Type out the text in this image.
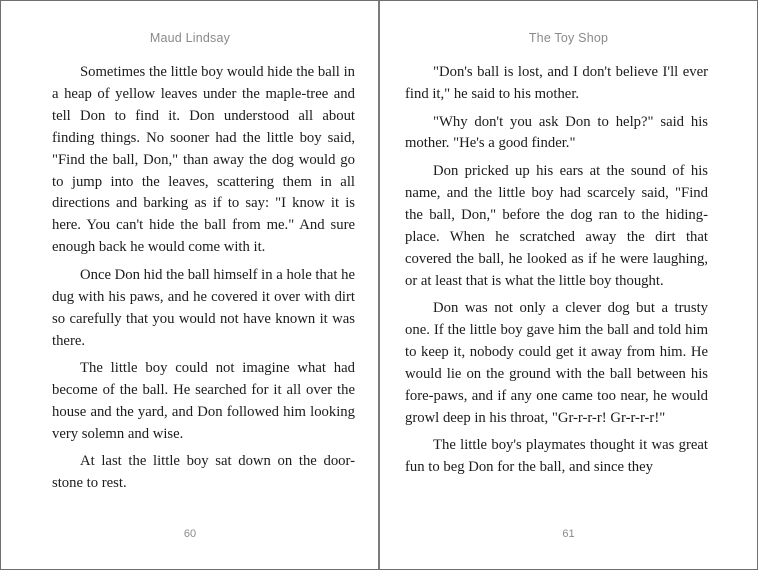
Maud Lindsay

Sometimes the little boy would hide the ball in a heap of yellow leaves under the maple-tree and tell Don to find it. Don understood all about finding things. No sooner had the little boy said, "Find the ball, Don," than away the dog would go to jump into the leaves, scattering them in all directions and barking as if to say: "I know it is here. You can't hide the ball from me." And sure enough back he would come with it.

Once Don hid the ball himself in a hole that he dug with his paws, and he covered it over with dirt so carefully that you would not have known it was there.

The little boy could not imagine what had become of the ball. He searched for it all over the house and the yard, and Don followed him looking very solemn and wise.

At last the little boy sat down on the door-stone to rest.

60
The Toy Shop

"Don's ball is lost, and I don't believe I'll ever find it," he said to his mother.

"Why don't you ask Don to help?" said his mother. "He's a good finder."

Don pricked up his ears at the sound of his name, and the little boy had scarcely said, "Find the ball, Don," before the dog ran to the hiding-place. When he scratched away the dirt that covered the ball, he looked as if he were laughing, or at least that is what the little boy thought.

Don was not only a clever dog but a trusty one. If the little boy gave him the ball and told him to keep it, nobody could get it away from him. He would lie on the ground with the ball between his fore-paws, and if any one came too near, he would growl deep in his throat, "Gr-r-r-r! Gr-r-r-r!"

The little boy's playmates thought it was great fun to beg Don for the ball, and since they

61
